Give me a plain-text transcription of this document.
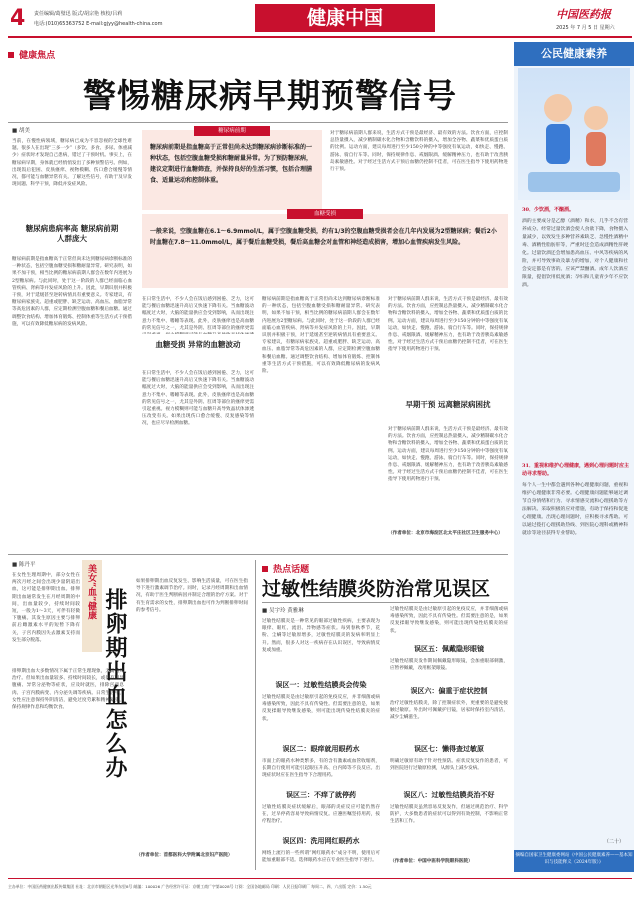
4 责任编辑/葛璧迅 版式/胡宗艳 核校/吕莉
电话:(010)65363752 E-mail:gjyy@health-china.com	健康中国	中国医药报
2025 年 7 月 5 日 星期六
健康焦点
警惕糖尿病早期预警信号
■ 胡美
当前，在慢性病领域，糖尿病已成为不容忽视的全球性难题。很多人在出现“三多一少”（多饮、多食、多尿、体重减少）症状时才发现自己患病，错过了干预时机。事实上，在糖尿病早期，身体就已经悄悄发出了多种预警信号。例如，出现饭后犯困、皮肤瘙痒、视物模糊、伤口愈合缓慢等情况，都可能与血糖异常有关。了解这些信号，有助于及早发现问题、科学干预，降低并发症风险。
糖尿病患病率高 糖尿病前期人群庞大
糖尿病前期是指血糖高于正常但尚未达到糖尿病诊断标准的一种状态，包括空腹血糖受损和糖耐量异常。研究表明，如果不加干预，相当比例的糖尿病前期人群会在数年内进展为2型糖尿病。与此同时，处于这一阶段的人群已经面临心血管疾病、肾病等并发症风险的上升。因此，早期识别并积极干预，对于延缓甚至逆转病情具有重要意义。专家建议，有糖尿病家族史、超重或肥胖、缺乏运动、高血压、血脂异常等高危因素的人群，应定期检测空腹血糖和餐后血糖。通过调整饮食结构、增加体育锻炼、控制体重等生活方式干预措施，可以有效降低糖尿病的发病风险。
糖尿病前期
糖尿病前期是指血糖高于正常但尚未达到糖尿病诊断标准的一种状态，包括空腹血糖受损和糖耐量异常。为了预防糖尿病，建议定期进行血糖筛查，并保持良好的生活习惯，包括合理膳食、适量运动和控制体重。
血糖受损
一般来说，空腹血糖在6.1～6.9mmol/L，属于空腹血糖受损，约有1/3的空腹血糖受损者会在几年内发展为2型糖尿病；餐后2小时血糖在7.8～11.0mmol/L，属于餐后血糖受损，餐后高血糖会对血管和神经造成损害，增加心血管疾病发生风险。
对于糖尿病前期人群来说，生活方式干预是最经济、最有效的方法。饮食方面，应控制总热量摄入，减少精制碳水化合物和含糖饮料的摄入，增加全谷物、蔬菜和优质蛋白质的比例。运动方面，建议每周进行至少150分钟的中等强度有氧运动，如快走、慢跑、游泳、骑自行车等。同时，保持规律作息、戒烟限酒、缓解精神压力，也有助于改善胰岛素敏感性。对于经过生活方式干预后血糖仍控制不佳者，可在医生指导下使用药物进行干预。
在日常生活中，不少人会在饭后感到困倦、乏力，这可能与餐后血糖迅速升高后又快速下降有关。当血糖波动幅度过大时，大脑的能量供应会受到影响，从而出现注意力不集中、嗜睡等表现。此外，皮肤瘙痒也是高血糖的常见信号之一，尤其是外阴、肛周等部位的瘙痒更需
血糖受损 异常的血糖波动
在日常生活中，不少人会在饭后感到困倦、乏力，这可能与餐后血糖迅速升高后又快速下降有关。当血糖波动幅度过大时，大脑的能量供应会受到影响，从而出现注意力不集中、嗜睡等表现。此外，皮肤瘙痒也是高血糖的常见信号之一，尤其是外阴、肛周等部位的瘙痒更需引起重视。视力模糊则可能与血糖升高导致晶状体渗透压改变有关。如果出现伤口愈合缓慢、反复感染等情况，也应尽早检测血糖。
糖尿病前期是指血糖高于正常但尚未达到糖尿病诊断标准的一种状态，包括空腹血糖受损和糖耐量异常。研究表明，如果不加干预，相当比例的糖尿病前期人群会在数年内进展为2型糖尿病。与此同时，处于这一阶段的人群已经面临心血管疾病、肾病等并发症风险的上升。因此，早期识别并积极干预，对于延缓甚至逆转病情具有重要意义。专家建议，有糖尿病家族史、超重或肥胖、缺乏运动、高血压、血脂异常等高危因素的人群，应定期检测空腹血糖和餐后血糖。通过调整饮食结构、增加体育锻炼、控制体重等生活方式干预措施，可以有效降低糖尿病的发病风险。
对于糖尿病前期人群来说，生活方式干预是最经济、最有效的方法。饮食方面，应控制总热量摄入，减少精制碳水化合物和含糖饮料的摄入，增加全谷物、蔬菜和优质蛋白质的比例。运动方面，建议每周进行至少150分钟的中等强度有氧运动，如快走、慢跑、游泳、骑自行车等。同时，保持规律作息、戒烟限酒、缓解精神压力，也有助于改善胰岛素敏感性。对于经过生活方式干预后血糖仍控制不佳者，可在医生指导下使用药物进行干预。
早期干预 远离糖尿病困扰
对于糖尿病前期人群来说，生活方式干预是最经济、最有效的方法。饮食方面，应控制总热量摄入，减少精制碳水化合物和含糖饮料的摄入，增加全谷物、蔬菜和优质蛋白质的比例。运动方面，建议每周进行至少150分钟的中等强度有氧运动，如快走、慢跑、游泳、骑自行车等。同时，保持规律作息、戒烟限酒、缓解精神压力，也有助于改善胰岛素敏感性。对于经过生活方式干预后血糖仍控制不佳者，可在医生指导下使用药物进行干预。
（作者单位：北京市海淀区北太平庄社区卫生服务中心）
公民健康素养
30．少饮酒，不酗酒。
酒的主要成分是乙醇（酒精）和水，几乎不含有营养成分。经常过量饮酒会使人食欲下降，食物摄入量减少，以致发生多种营养素缺乏、急慢性酒精中毒、酒精性脂肪肝等，严重时还会造成酒精性肝硬化。过量饮酒还会增加患高血压、中风等疾病的风险，并可导致事故及暴力的增加，对个人健康和社会安定都是有害的。应该严禁酗酒。成年人饮酒应限量，提倡饮用低度酒；孕妇和儿童青少年不应饮酒。
31．重视和维护心理健康，遇到心理问题时应主动寻求帮助。
每个人一生中都会遇到各种心理健康问题，重视和维护心理健康非常必要。心理健康问题能够通过调节自身情绪和行为、寻求情感交流和心理援助等方法解决。采取积极的应对措施，有助于保持和促进心理健康。出现心理问题时，应积极寻求帮助。可以通过拨打心理援助热线、到医院心理科或精神科就诊等途径获得专业帮助。
（二十）
摘编自国家卫生健康委网站《中国公民健康素养——基本知识与技能释义（2024年版）》
■ 陈丹平	美女“血”健康 排卵期出血怎么办
在女性生理周期中，部分女性在两次月经之间会出现少量阴道出血，这可能是排卵期出血。排卵期出血通常发生在月经周期的中间，出血量较少，持续时间较短，一般为1～3天，可伴有轻微下腹痛。其发生原因主要与排卵前后雌激素水平的短暂下降有关，子宫内膜因失去激素支持而发生部分脱落。
排卵期出血大多数情况下属于正常生理现象，无需特殊治疗。但如果出血量较多、持续时间较长，或伴有明显腹痛、异常分泌物等症状，应及时就医，排除宫颈息肉、子宫内膜病变、内分泌失调等疾病。日常生活中，女性应注意保持外阴清洁，避免过度劳累和精神紧张，保持规律作息和均衡饮食。
如果排卵期出血反复发生、影响生活质量，可在医生指导下进行激素调节治疗。同时，记录月经周期和出血情况，有助于医生判断病因并制定合理的治疗方案。对于有生育需求的女性，排卵期出血也可作为判断排卵时间的参考信号。
（作者单位：首都医科大学附属北京妇产医院）
热点话题
过敏性结膜炎防治常见误区
■ 吴宇玲 黄雅琳
过敏性结膜炎是一种常见的眼部过敏性疾病，主要表现为眼痒、眼红、流泪、异物感等症状。每到春秋季节，花粉、尘螨等过敏原增多，过敏性结膜炎的发病率明显上升。然而，很多人对这一疾病存在认识误区，导致病情反复或加重。
误区一：过敏性结膜炎会传染
过敏性结膜炎是由过敏原引起的免疫反应，并非细菌或病毒感染所致，因此不具有传染性。但需要注意的是，如果反复揉眼导致继发感染，则可能出现传染性结膜炎的症状。
误区二：眼痒就用眼药水
市面上的眼药水种类繁多，有的含有激素或血管收缩剂，长期自行使用可能引起眼压升高、白内障等不良反应。出现症状时应在医生指导下合理用药。
误区三：不痒了就停药
过敏性结膜炎症状缓解后，眼部的炎症反应可能仍然存在，过早停药容易导致病情反复。应遵医嘱坚持用药，按疗程治疗。
误区四：洗用网红眼药水
网络上流行的一些所谓“网红眼药水”成分不明，使用后可能加重眼部不适。选择眼药水应在专业医生指导下进行。
过敏性结膜炎是由过敏原引起的免疫反应，并非细菌或病毒感染所致，因此不具有传染性。但需要注意的是，如果反复揉眼导致继发感染，则可能出现传染性结膜炎的症状。
误区五：佩戴隐形眼镜
过敏性结膜炎发作期间佩戴隐形眼镜，会加重眼部刺激，应暂停佩戴，改用框架眼镜。
误区六：偏重于症状控制
治疗过敏性结膜炎，除了控制症状外，更重要的是避免接触过敏原。外出时可佩戴护目镜，居家时保持室内清洁，减少尘螨滋生。
误区七：懒得查过敏原
明确过敏原有助于针对性预防。症状反复发作的患者，可到医院进行过敏原检测，从源头上减少发病。
误区八：过敏性结膜炎治不好
过敏性结膜炎虽然容易反复发作，但通过规范治疗、科学防护，大多数患者的症状可以得到有效控制，不影响正常生活和工作。
（作者单位：中国中医科学院眼科医院）
主办单位：中国医药健康出版传媒集团 社址：北京市朝阳区光华东里8号 邮编：100026 广告经营许可证：京朝工商广字第0028号 订阅：全国各地邮局 印刷：人民日报印刷厂 每周二、四、六出版 定价：1.50元
